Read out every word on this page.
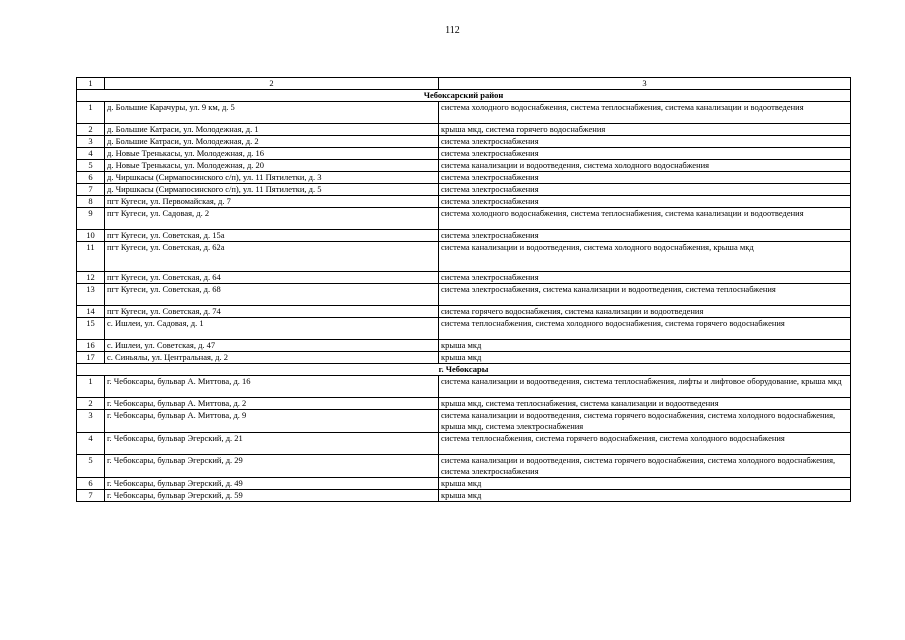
112
1	2	3
Чебоксарский район		
1	д. Большие Карачуры, ул. 9 км, д. 5	система холодного водоснабжения, система теплоснабжения, система канализации и водоотведения
2	д. Большие Катраси, ул. Молодежная, д. 1	крыша мкд, система горячего водоснабжения
3	д. Большие Катраси, ул. Молодежная, д. 2	система электроснабжения
4	д. Новые Тренькасы, ул. Молодежная, д. 16	система электроснабжения
5	д. Новые Тренькасы, ул. Молодежная, д. 20	система канализации и водоотведения, система холодного водоснабжения
6	д. Чиршкасы (Сирмапосинского с/п), ул. 11 Пятилетки, д. 3	система электроснабжения
7	д. Чиршкасы (Сирмапосинского с/п), ул. 11 Пятилетки, д. 5	система электроснабжения
8	пгт Кугеси, ул. Первомайская, д. 7	система электроснабжения
9	пгт Кугеси, ул. Садовая, д. 2	система холодного водоснабжения, система теплоснабжения, система канализации и водоотведения
10	пгт Кугеси, ул. Советская, д. 15а	система электроснабжения
11	пгт Кугеси, ул. Советская, д. 62а	система канализации и водоотведения, система холодного водоснабжения, крыша мкд
12	пгт Кугеси, ул. Советская, д. 64	система электроснабжения
13	пгт Кугеси, ул. Советская, д. 68	система электроснабжения, система канализации и водоотведения, система теплоснабжения
14	пгт Кугеси, ул. Советская, д. 74	система горячего водоснабжения, система канализации и водоотведения
15	с. Ишлеи, ул. Садовая, д. 1	система теплоснабжения, система холодного водоснабжения, система горячего водоснабжения
16	с. Ишлеи, ул. Советская, д. 47	крыша мкд
17	с. Синьялы, ул. Центральная, д. 2	крыша мкд
г. Чебоксары		
1	г. Чебоксары, бульвар А. Миттова, д. 16	система канализации и водоотведения, система теплоснабжения, лифты и лифтовое оборудование, крыша мкд
2	г. Чебоксары, бульвар А. Миттова, д. 2	крыша мкд, система теплоснабжения, система канализации и водоотведения
3	г. Чебоксары, бульвар А. Миттова, д. 9	система канализации и водоотведения, система горячего водоснабжения, система холодного водоснабжения, крыша мкд, система электроснабжения
4	г. Чебоксары, бульвар Эгерский, д. 21	система теплоснабжения, система горячего водоснабжения, система холодного водоснабжения
5	г. Чебоксары, бульвар Эгерский, д. 29	система канализации и водоотведения, система горячего водоснабжения, система холодного водоснабжения, система электроснабжения
6	г. Чебоксары, бульвар Эгерский, д. 49	крыша мкд
7	г. Чебоксары, бульвар Эгерский, д. 59	крыша мкд
